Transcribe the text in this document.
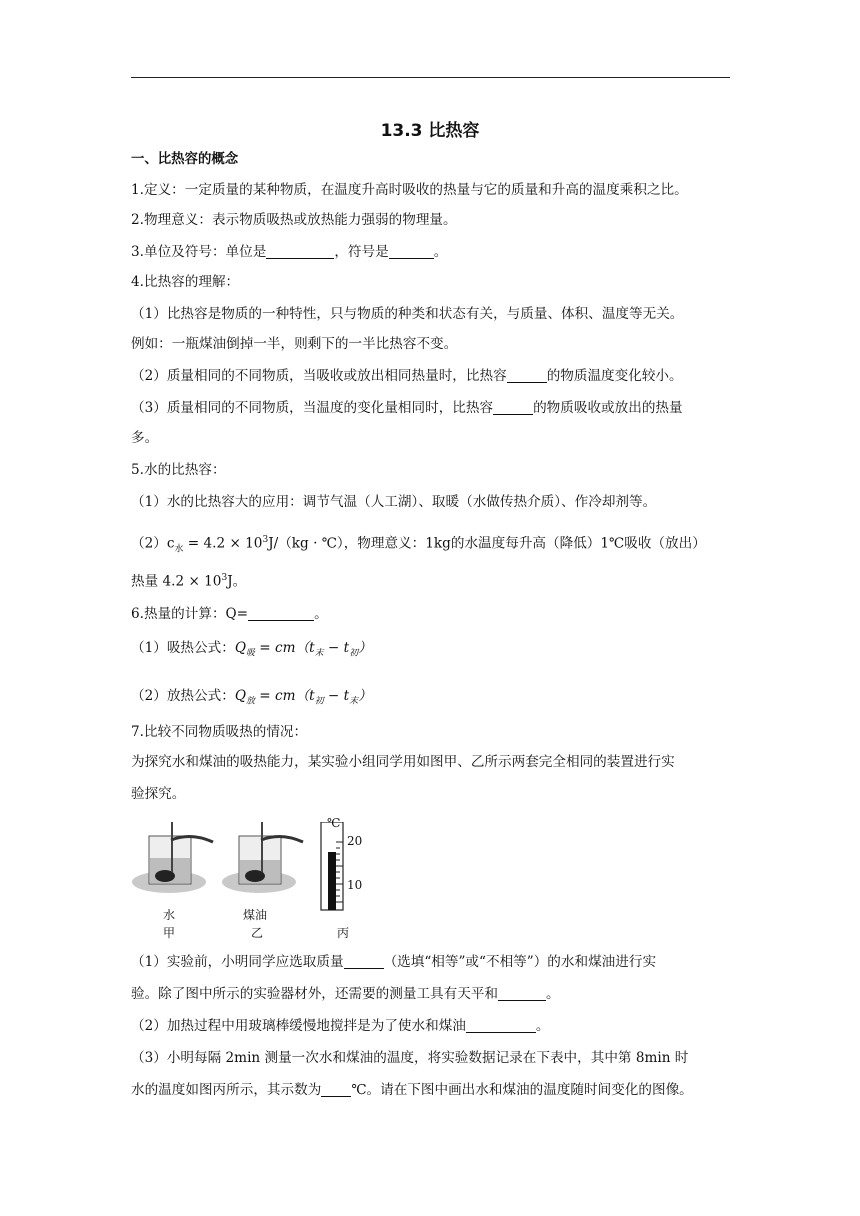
13.3 比热容
一、比热容的概念
1.定义：一定质量的某种物质，在温度升高时吸收的热量与它的质量和升高的温度乘积之比。
2.物理意义：表示物质吸热或放热能力强弱的物理量。
3.单位及符号：单位是	，符号是	。
4.比热容的理解：
（1）比热容是物质的一种特性，只与物质的种类和状态有关，与质量、体积、温度等无关。
例如：一瓶煤油倒掉一半，则剩下的一半比热容不变。
（2）质量相同的不同物质，当吸收或放出相同热量时，比热容	的物质温度变化较小。
（3）质量相同的不同物质，当温度的变化量相同时，比热容	的物质吸收或放出的热量
多。
5.水的比热容：
（1）水的比热容大的应用：调节气温（人工湖）、取暖（水做传热介质）、作冷却剂等。
$(2)c_水 = 4.2 \times 10^3J/(kg$ · ℃），物理意义：1kg的水温度每升高（降低）1℃吸收（放出）
热量 $4.2 \times 10^3J$。
6.热量的计算：Q=	。
（1）吸热公式：$Q_吸 = cm(t_末 - t_初)$
（2）放热公式：$Q_放 = cm(t_初 - t_末)$
7.比较不同物质吸热的情况：
为探究水和煤油的吸热能力，某实验小组同学用如图甲、乙所示两套完全相同的装置进行实
验探究。
℃
20
10
水
甲
煤油
乙	丙
（1）实验前，小明同学应选取质量	（选填“相等”或“不相等”）的水和煤油进行实
验。除了图中所示的实验器材外，还需要的测量工具有天平和	。
（2）加热过程中用玻璃棒缓慢地搅拌是为了使水和煤油	。
（3）小明每隔 2min 测量一次水和煤油的温度，将实验数据记录在下表中，其中第 8min 时
水的温度如图丙所示，其示数为 ℃。请在下图中画出水和煤油的温度随时间变化的图像。
